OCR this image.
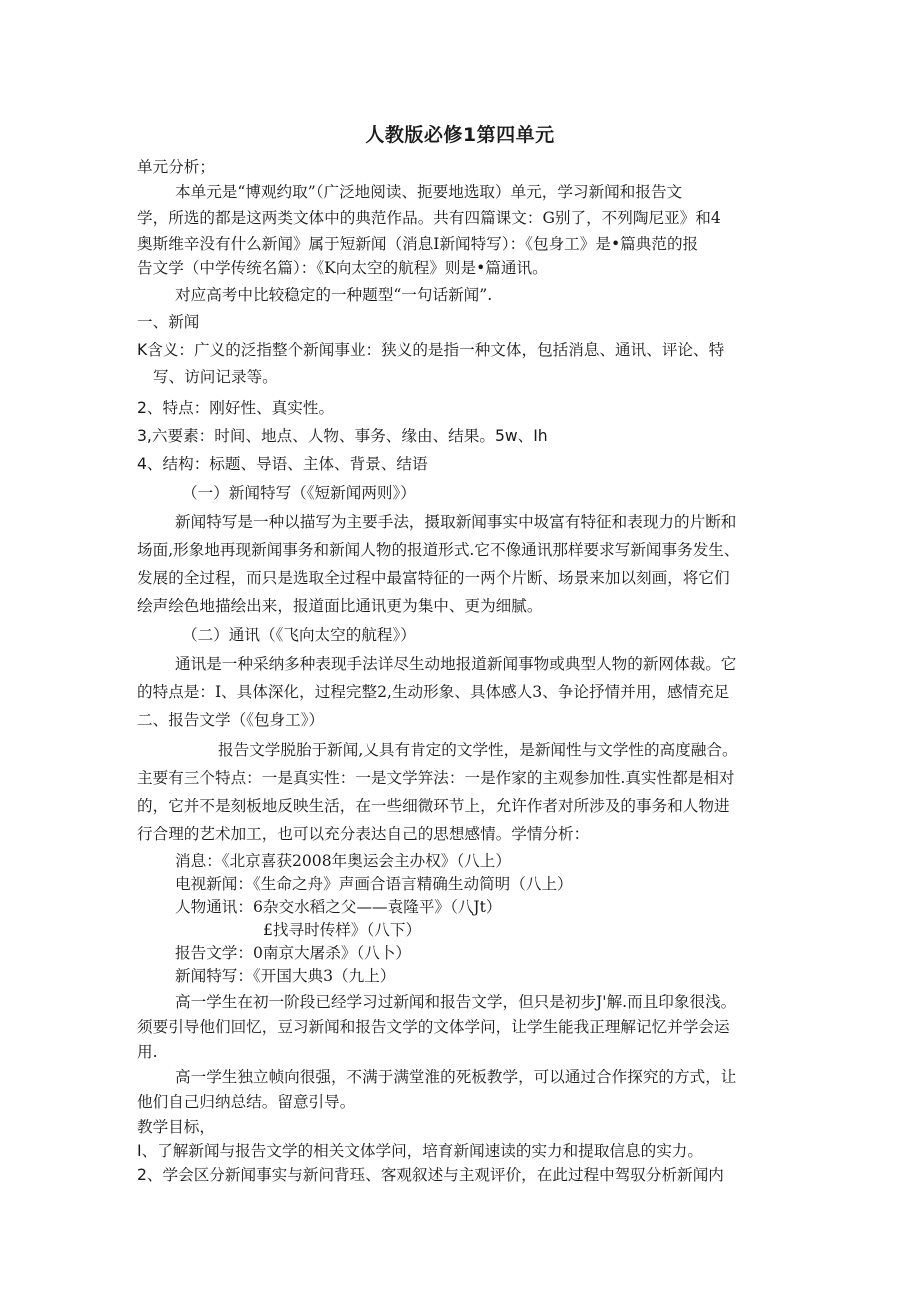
人教版必修1第四单元
单元分析；
本单元是“博观约取”（广泛地阅读、扼要地选取）单元，学习新闻和报告文
学，所选的都是这两类文体中的典范作品。共有四篇课文：G别了，不列陶尼亚》和4
奥斯维辛没有什么新闻》属于短新闻（消息I新闻特写）：《包身工》是•篇典范的报
告文学（中学传统名篇）：《K向太空的航程》则是•篇通讯。
对应高考中比较稳定的一种题型“一句话新闻”.
一、新闻
K含义：广义的泛指整个新闻事业：狭义的是指一种文体，包括消息、通讯、评论、特
写、访问记录等。
2、特点：刚好性、真实性。
3,六要素：时间、地点、人物、事务、缘由、结果。5w、Ih
4、结构：标题、导语、主体、背景、结语
（一）新闻特写（《短新闻两则》）
新闻特写是一种以描写为主要手法，摄取新闻事实中圾富有特征和表现力的片断和
场面,形象地再现新闻事务和新闻人物的报道形式.它不像通讯那样要求写新闻事务发生、
发展的全过程，而只是选取全过程中最富特征的一两个片断、场景来加以刻画，将它们
绘声绘色地描绘出来，报道面比通讯更为集中、更为细腻。
（二）通讯（《飞向太空的航程》）
通讯是一种采纳多种表现手法详尽生动地报道新闻事物或典型人物的新网体裁。它
的特点是：I、具体深化，过程完整2,生动形象、具体感人3、争论抒情并用，感情充足
二、报告文学（《包身工》）
报告文学脱胎于新闻,乂具有肯定的文学性，是新闻性与文学性的高度融合。
主要有三个特点：一是真实性：一是文学笄法：一是作家的主观参加性.真实性都是相对
的，它并不是刻板地反映生活，在一些细微环节上，允许作者对所涉及的事务和人物进
行合理的艺术加工，也可以充分表达自己的思想感情。学情分析：
消息：《北京喜获2008年奥运会主办权》（八上）
电视新闻：《生命之舟》声画合语言精确生动简明（八上）
人物通讯：6杂交水稻之父——袁隆平》（八Jt）
£找寻时传样》（八下）
报告文学：0南京大屠杀》（八卜）
新闻特写：《开国大典3（九上）
高一学生在初一阶段已经学习过新闻和报告文学，但只是初步J'解.而且印象很浅。
须要引导他们回忆，豆习新闻和报告文学的文体学问，让学生能我正理解记忆并学会运
用.
高一学生独立帧向很强，不满于满堂淮的死板教学，可以通过合作探究的方式，让
他们自己归纳总结。留意引导。
教学目标，
I、了解新闻与报告文学的相关文体学问，培育新闻速读的实力和提取信息的实力。
2、学会区分新闻事实与新问背珏、客观叙述与主观评价，在此过程中驾驭分析新闻内
